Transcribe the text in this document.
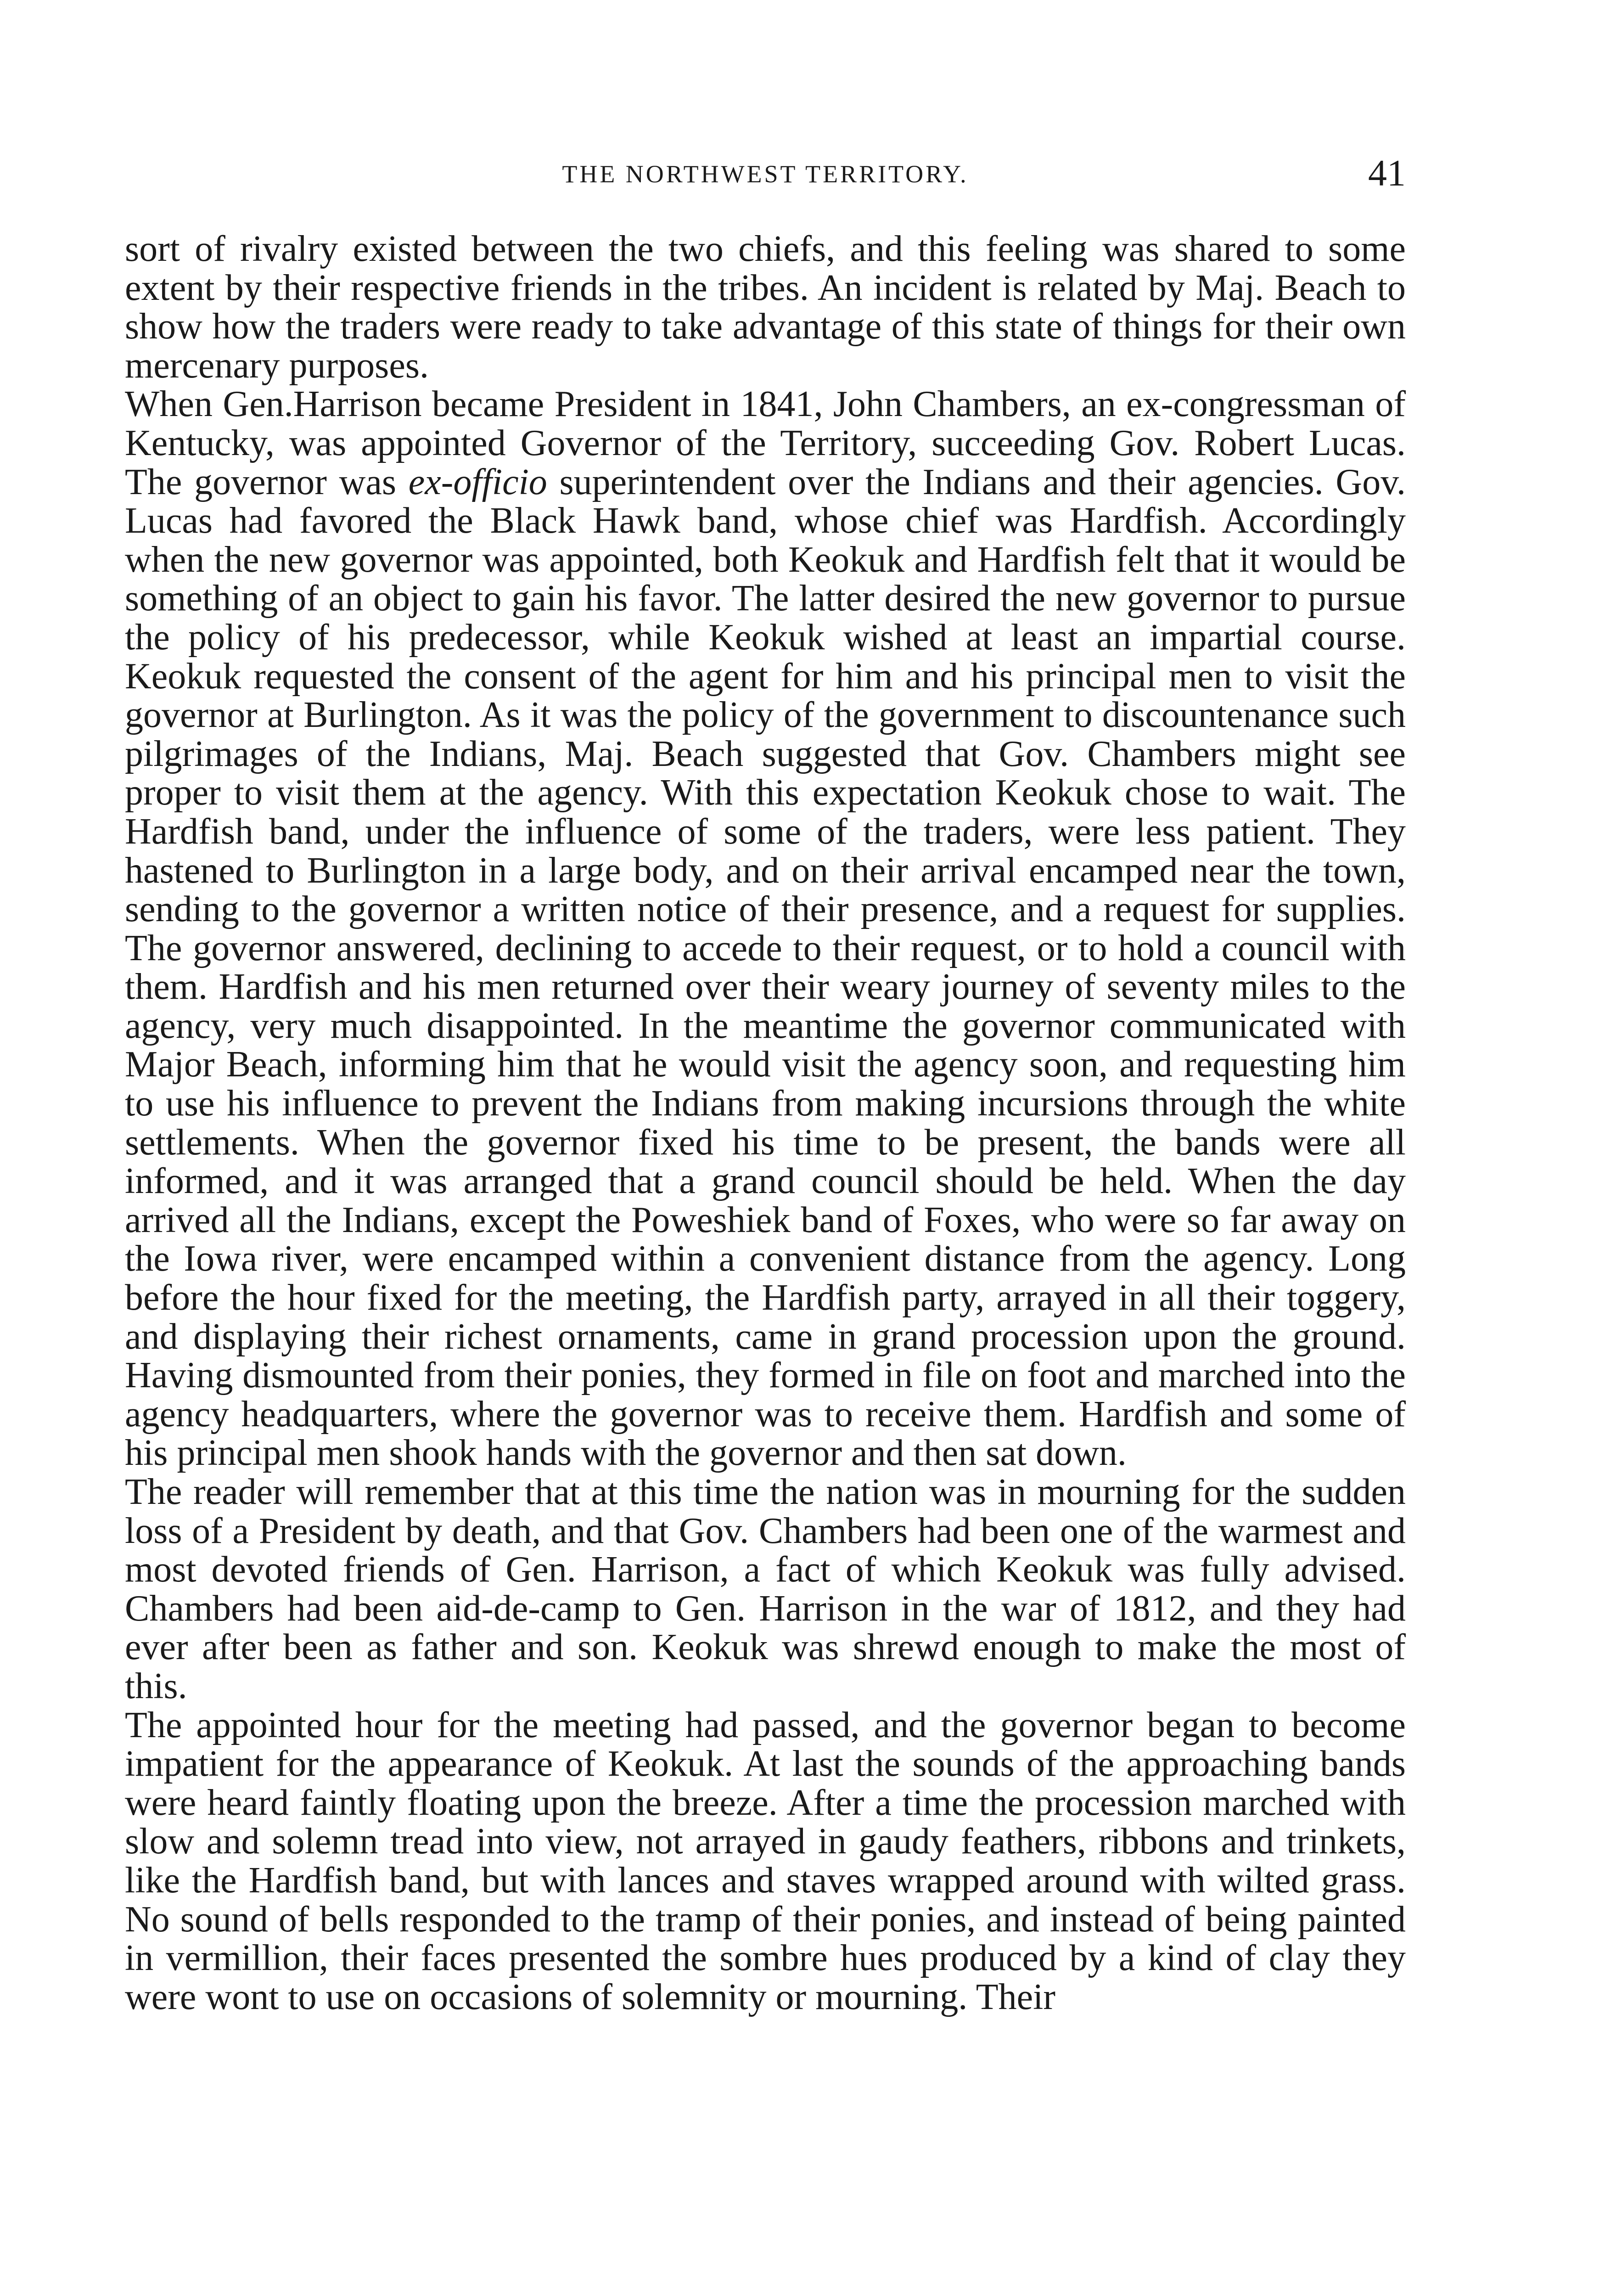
THE NORTHWEST TERRITORY.	41

sort of rivalry existed between the two chiefs, and this feeling was shared to some extent by their respective friends in the tribes. An incident is related by Maj. Beach to show how the traders were ready to take advantage of this state of things for their own mercenary purposes.

When Gen.Harrison became President in 1841, John Chambers, an ex-congressman of Kentucky, was appointed Governor of the Territory, succeeding Gov. Robert Lucas. The governor was ex-officio superintendent over the Indians and their agencies. Gov. Lucas had favored the Black Hawk band, whose chief was Hardfish. Accordingly when the new governor was appointed, both Keokuk and Hardfish felt that it would be something of an object to gain his favor. The latter desired the new governor to pursue the policy of his predecessor, while Keokuk wished at least an impartial course. Keokuk requested the consent of the agent for him and his principal men to visit the governor at Burlington. As it was the policy of the government to discountenance such pilgrimages of the Indians, Maj. Beach suggested that Gov. Chambers might see proper to visit them at the agency. With this expectation Keokuk chose to wait. The Hardfish band, under the influence of some of the traders, were less patient. They hastened to Burlington in a large body, and on their arrival encamped near the town, sending to the governor a written notice of their presence, and a request for supplies. The governor answered, declining to accede to their request, or to hold a council with them. Hardfish and his men returned over their weary journey of seventy miles to the agency, very much disappointed. In the meantime the governor communicated with Major Beach, informing him that he would visit the agency soon, and requesting him to use his influence to prevent the Indians from making incursions through the white settlements. When the governor fixed his time to be present, the bands were all informed, and it was arranged that a grand council should be held. When the day arrived all the Indians, except the Poweshiek band of Foxes, who were so far away on the Iowa river, were encamped within a convenient distance from the agency. Long before the hour fixed for the meeting, the Hardfish party, arrayed in all their toggery, and displaying their richest ornaments, came in grand procession upon the ground. Having dismounted from their ponies, they formed in file on foot and marched into the agency headquarters, where the governor was to receive them. Hardfish and some of his principal men shook hands with the governor and then sat down.

The reader will remember that at this time the nation was in mourning for the sudden loss of a President by death, and that Gov. Chambers had been one of the warmest and most devoted friends of Gen. Harrison, a fact of which Keokuk was fully advised. Chambers had been aid-de-camp to Gen. Harrison in the war of 1812, and they had ever after been as father and son. Keokuk was shrewd enough to make the most of this.

The appointed hour for the meeting had passed, and the governor began to become impatient for the appearance of Keokuk. At last the sounds of the approaching bands were heard faintly floating upon the breeze. After a time the procession marched with slow and solemn tread into view, not arrayed in gaudy feathers, ribbons and trinkets, like the Hardfish band, but with lances and staves wrapped around with wilted grass. No sound of bells responded to the tramp of their ponies, and instead of being painted in vermillion, their faces presented the sombre hues produced by a kind of clay they were wont to use on occasions of solemnity or mourning. Their
